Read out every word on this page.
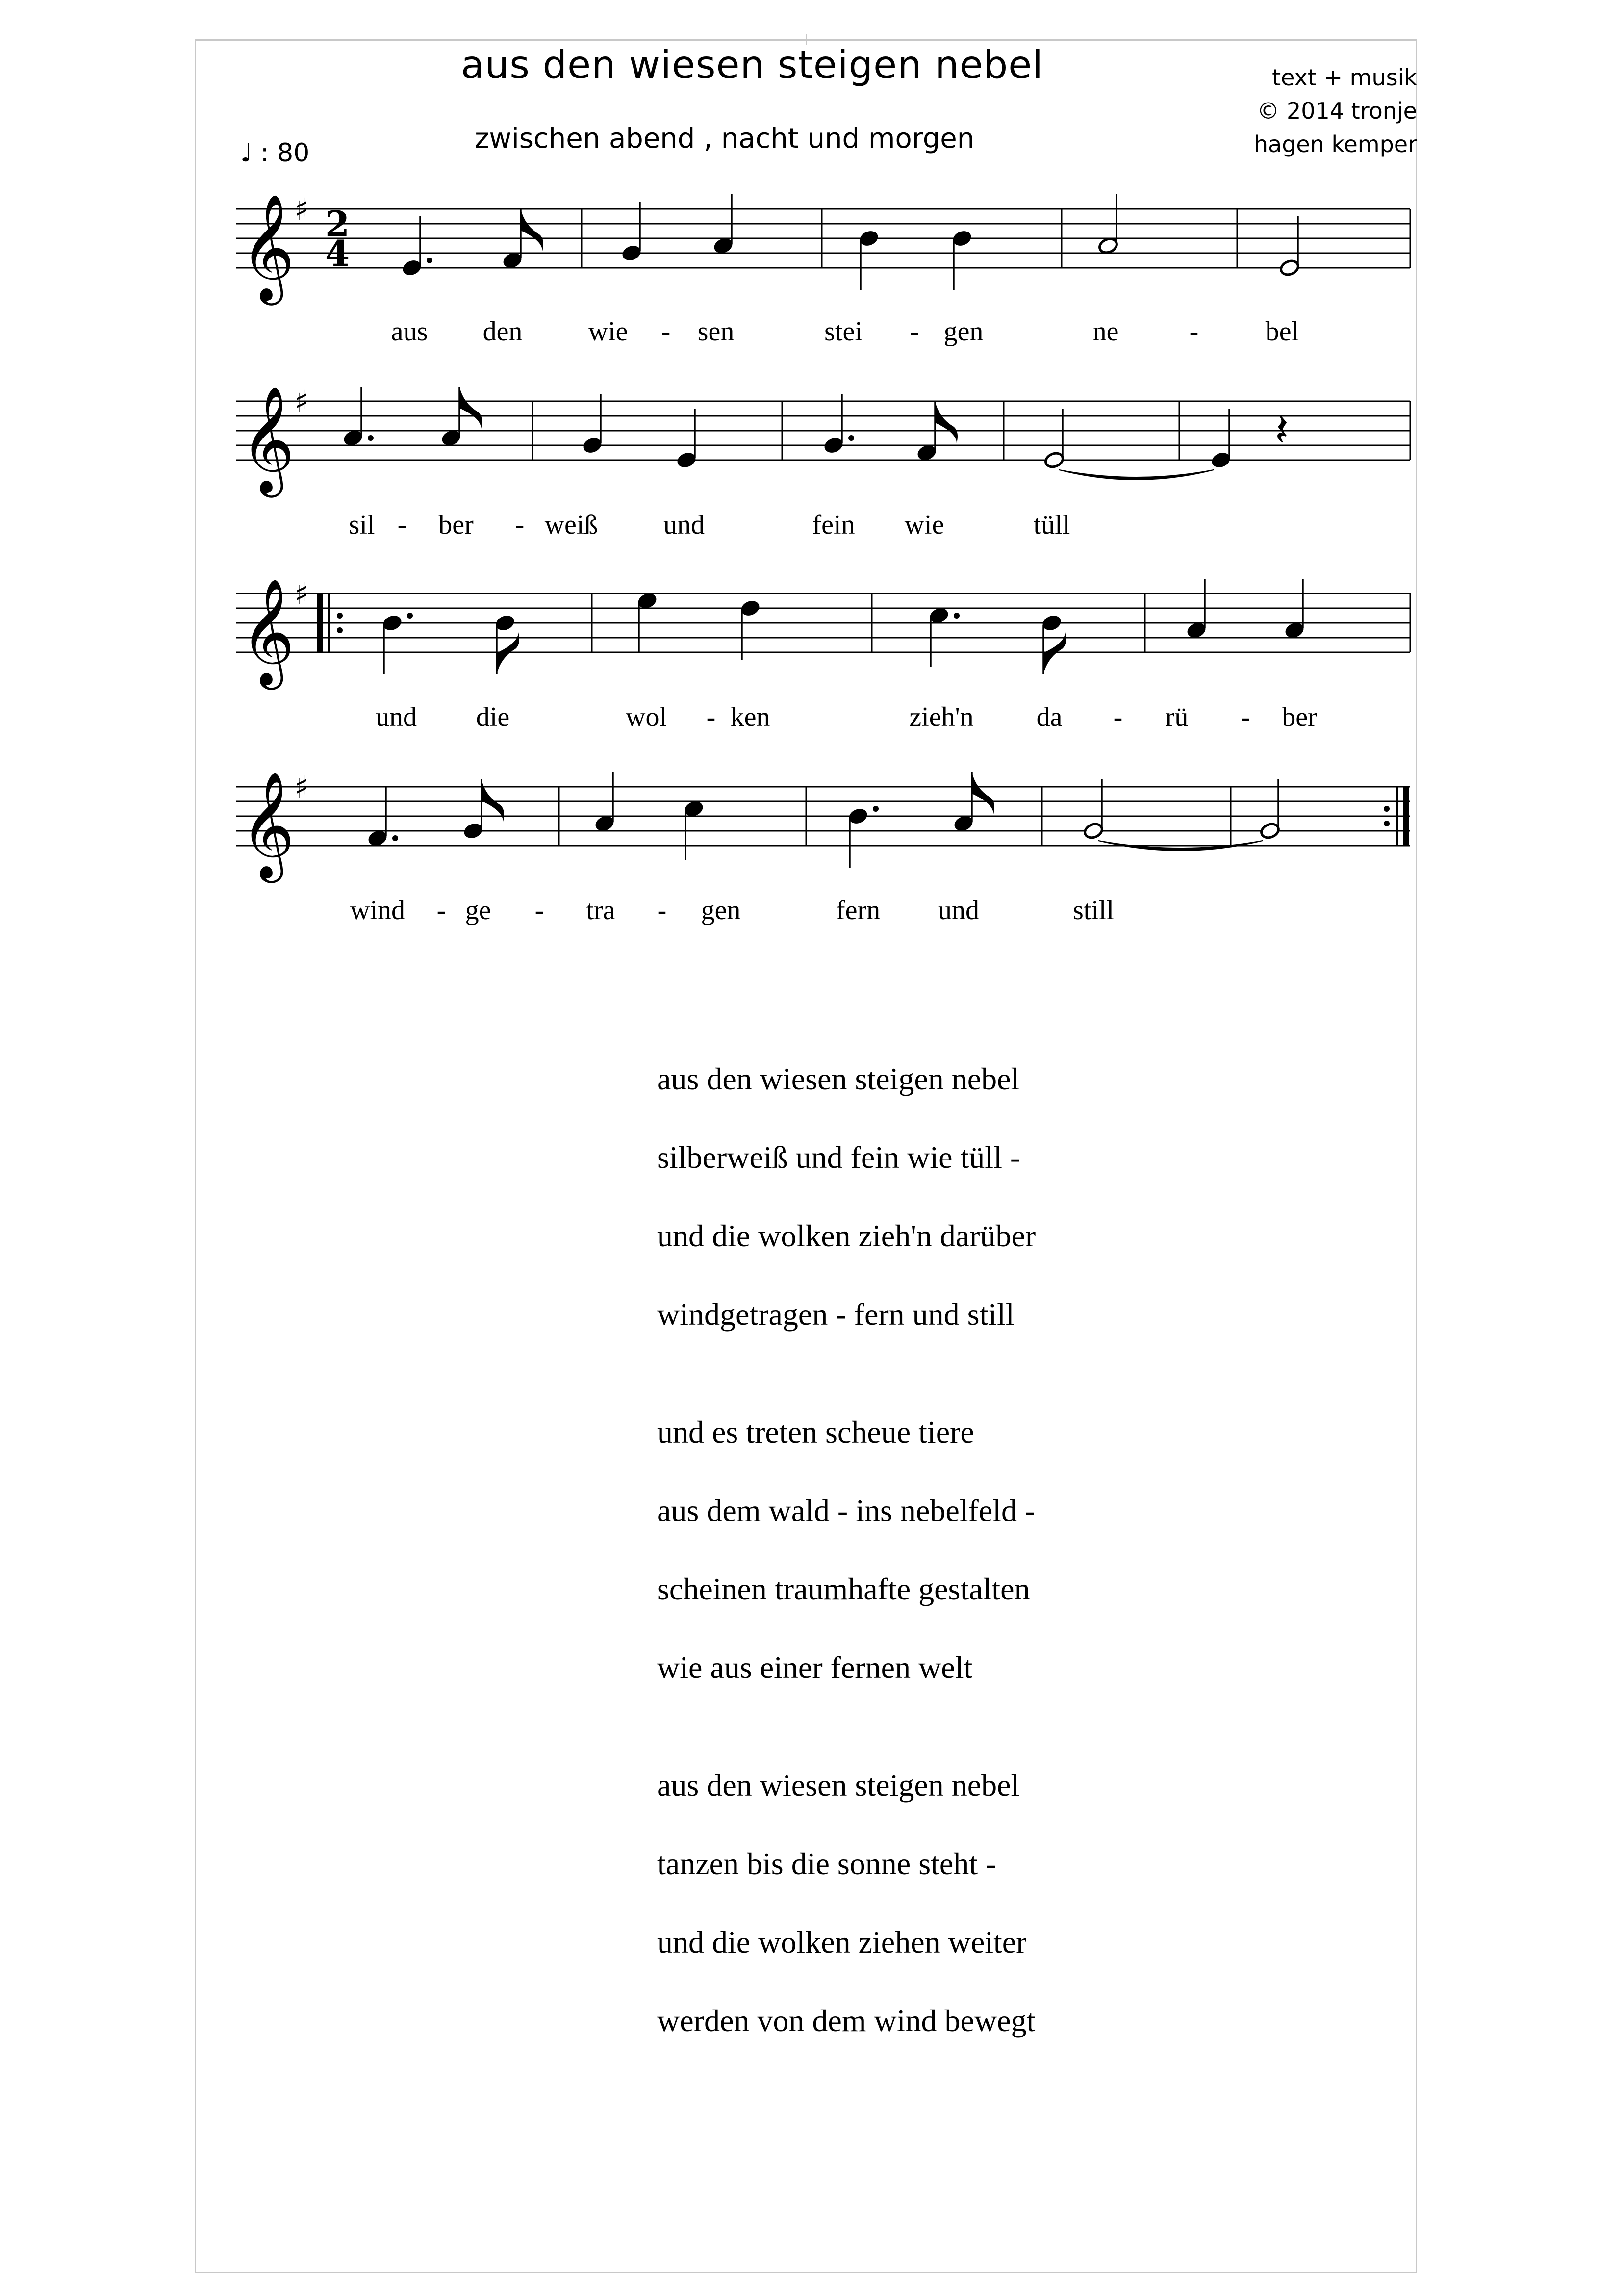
aus den wiesen steigen nebel
zwischen abend , nacht und morgen
text + musik
© 2014 tronje
hagen kemper
♩ : 80
𝄞
♯ 2
4
𝄞
♯
𝄽
𝄞
♯
𝄞
♯
aus den wie - sen	stei - gen	ne	- bel
sil - ber - weiß und	fein wie	tüll
und die	wol - ken	zieh'n da - rü - ber
wind - ge - tra - gen	fern und	still
aus den wiesen steigen nebel
silberweiß und fein wie tüll -
und die wolken zieh'n darüber
windgetragen - fern und still
und es treten scheue tiere
aus dem wald - ins nebelfeld -
scheinen traumhafte gestalten
wie aus einer fernen welt
aus den wiesen steigen nebel
tanzen bis die sonne steht -
und die wolken ziehen weiter
werden von dem wind bewegt
